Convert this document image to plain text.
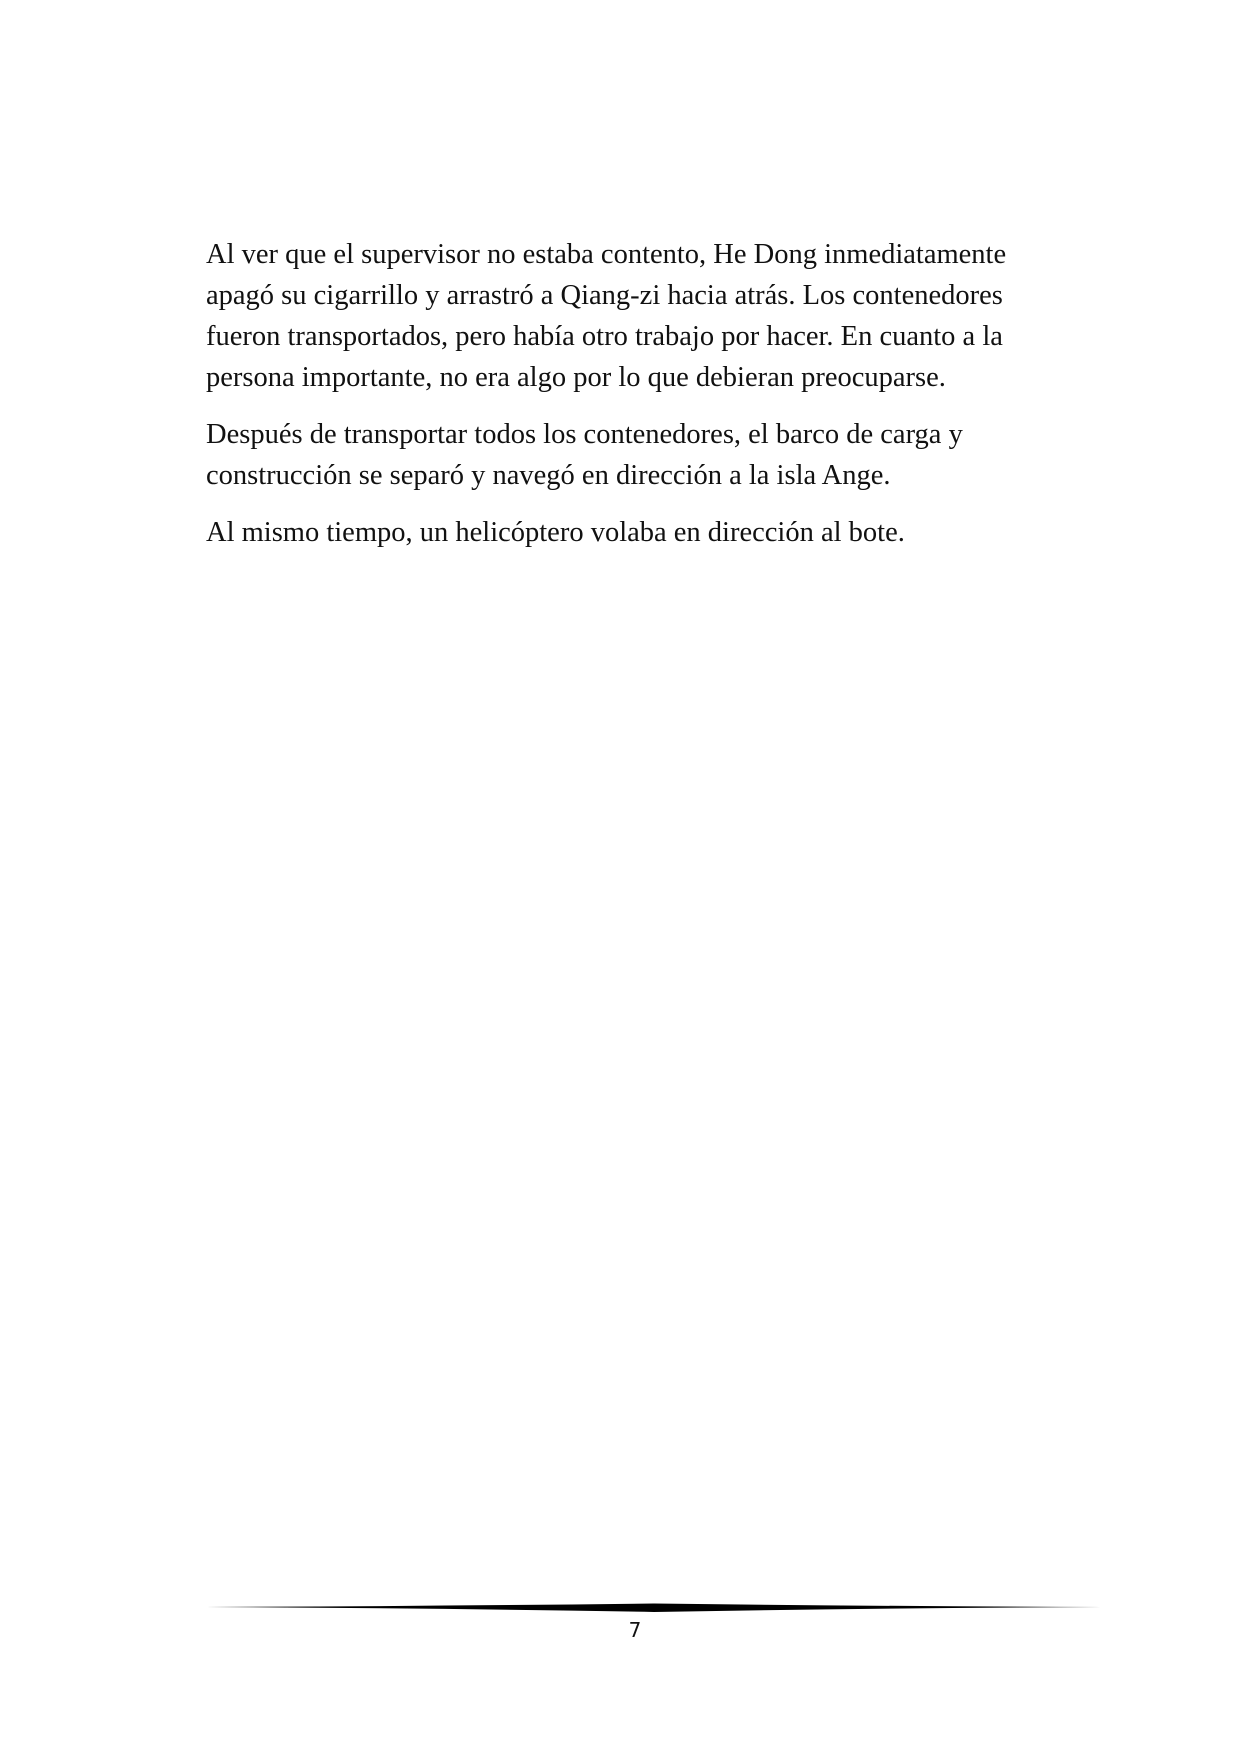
Al ver que el supervisor no estaba contento, He Dong inmediatamente
apagó su cigarrillo y arrastró a Qiang-zi hacia atrás. Los contenedores
fueron transportados, pero había otro trabajo por hacer. En cuanto a la
persona importante, no era algo por lo que debieran preocuparse.

Después de transportar todos los contenedores, el barco de carga y
construcción se separó y navegó en dirección a la isla Ange.

Al mismo tiempo, un helicóptero volaba en dirección al bote.

7
